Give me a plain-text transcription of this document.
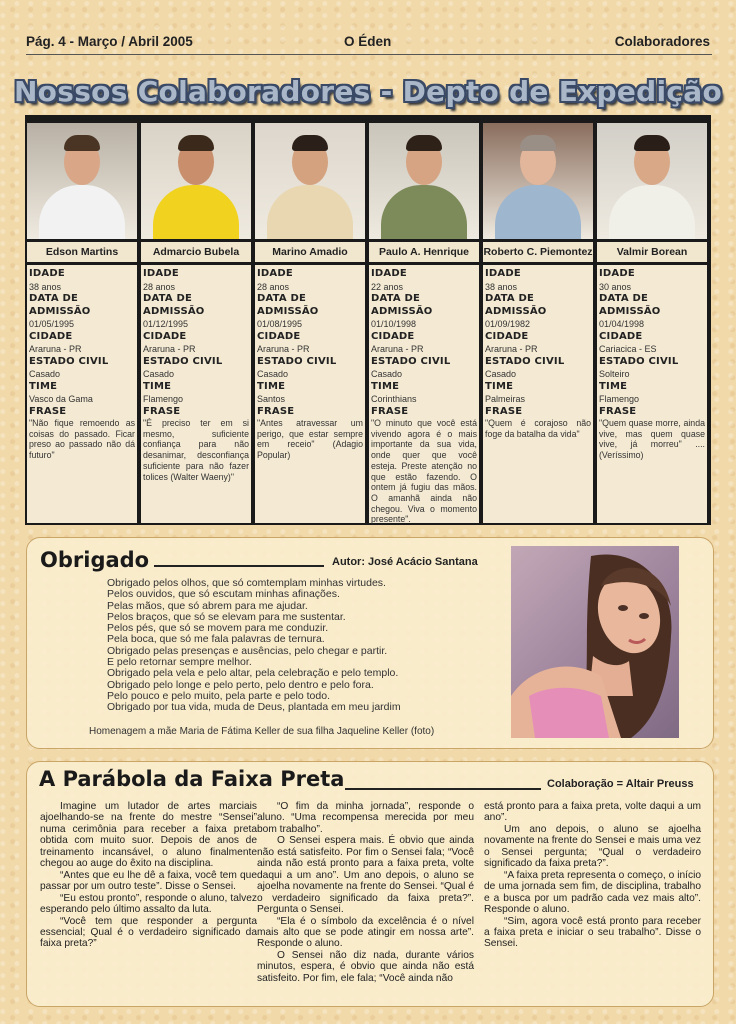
Pág. 4 - Março / Abril 2005	O Éden	Colaboradores
Nossos Colaboradores - Depto de Expedição
Edson Martins
IDADE
38 anos
DATA DE ADMISSÃO
01/05/1995
CIDADE
Araruna - PR
ESTADO CIVIL
Casado
TIME
Vasco da Gama
FRASE
"Não fique remoendo as coisas do passado. Ficar preso ao passado não dá futuro"
Admarcio Bubela
IDADE
28 anos
DATA DE ADMISSÃO
01/12/1995
CIDADE
Araruna - PR
ESTADO CIVIL
Casado
TIME
Flamengo
FRASE
"É preciso ter em si mesmo, suficiente confiança para não desanimar, desconfiança suficiente para não fazer tolices (Walter Waeny)"
Marino Amadio
IDADE
28 anos
DATA DE ADMISSÃO
01/08/1995
CIDADE
Araruna - PR
ESTADO CIVIL
Casado
TIME
Santos
FRASE
"Antes atravessar um perigo, que estar sempre em receio" (Adagio Popular)
Paulo A. Henrique
IDADE
22 anos
DATA DE ADMISSÃO
01/10/1998
CIDADE
Araruna - PR
ESTADO CIVIL
Casado
TIME
Corinthians
FRASE
"O minuto que você está vivendo agora é o mais importante da sua vida, onde quer que você esteja. Preste atenção no que estão fazendo. O ontem já fugiu das mãos. O amanhã ainda não chegou. Viva o momento presente".
Roberto C. Piemontez
IDADE
38 anos
DATA DE ADMISSÃO
01/09/1982
CIDADE
Araruna - PR
ESTADO CIVIL
Casado
TIME
Palmeiras
FRASE
"Quem é corajoso não foge da batalha da vida"
Valmir Borean
IDADE
30 anos
DATA DE ADMISSÃO
01/04/1998
CIDADE
Cariacica - ES
ESTADO CIVIL
Solteiro
TIME
Flamengo
FRASE
"Quem quase morre, ainda vive, mas quem quase vive, já morreu" .... (Veríssimo)
Obrigado	Autor: José Acácio Santana
Obrigado pelos olhos, que só comtemplam minhas virtudes.
Pelos ouvidos, que só escutam minhas afinações.
Pelas mãos, que só abrem para me ajudar.
Pelos braços, que só se elevam para me sustentar.
Pelos pés, que só se movem para me conduzir.
Pela boca, que só me fala palavras de ternura.
Obrigado pelas presenças e ausências, pelo chegar e partir.
E pelo retornar sempre melhor.
Obrigado pela vela e pelo altar, pela celebração e pelo templo.
Obrigado pelo longe e pelo perto, pelo dentro e pelo fora.
Pelo pouco e pelo muito, pela parte e pelo todo.
Obrigado por tua vida, muda de Deus, plantada em meu jardim
Homenagem a mãe Maria de Fátima Keller de sua filha Jaqueline Keller (foto)
A Parábola da Faixa Preta	Colaboração = Altair Preuss

Imagine um lutador de artes marciais ajoelhando-se na frente do mestre “Sensei” numa cerimônia para receber a faixa preta obtida com muito suor. Depois de anos de treinamento incansável, o aluno finalmente chegou ao auge do êxito na disciplina.

“Antes que eu lhe dê a faixa, você tem que passar por um outro teste”. Disse o Sensei.

“Eu estou pronto”, responde o aluno, talvez esperando pelo último assalto da luta.

“Você tem que responder a pergunta essencial; Qual é o verdadeiro significado da faixa preta?”

“O fim da minha jornada”, responde o aluno. “Uma recompensa merecida por meu bom trabalho”.

O Sensei espera mais. É obvio que ainda não está satisfeito. Por fim o Sensei fala; “Você ainda não está pronto para a faixa preta, volte daqui a um ano”. Um ano depois, o aluno se ajoelha novamente na frente do Sensei. “Qual é o verdadeiro significado da faixa preta?”. Pergunta o Sensei.

“Ela é o símbolo da excelência é o nível mais alto que se pode atingir em nossa arte”. Responde o aluno.

O Sensei não diz nada, durante vários minutos, espera, é obvio que ainda não está satisfeito. Por fim, ele fala; “Você ainda não

está pronto para a faixa preta, volte daqui a um ano”.

Um ano depois, o aluno se ajoelha novamente na frente do Sensei e mais uma vez o Sensei pergunta; “Qual o verdadeiro significado da faixa preta?”.

“A faixa preta representa o começo, o início de uma jornada sem fim, de disciplina, trabalho e a busca por um padrão cada vez mais alto”. Responde o aluno.

“Sim, agora você está pronto para receber a faixa preta e iniciar o seu trabalho”. Disse o Sensei.
